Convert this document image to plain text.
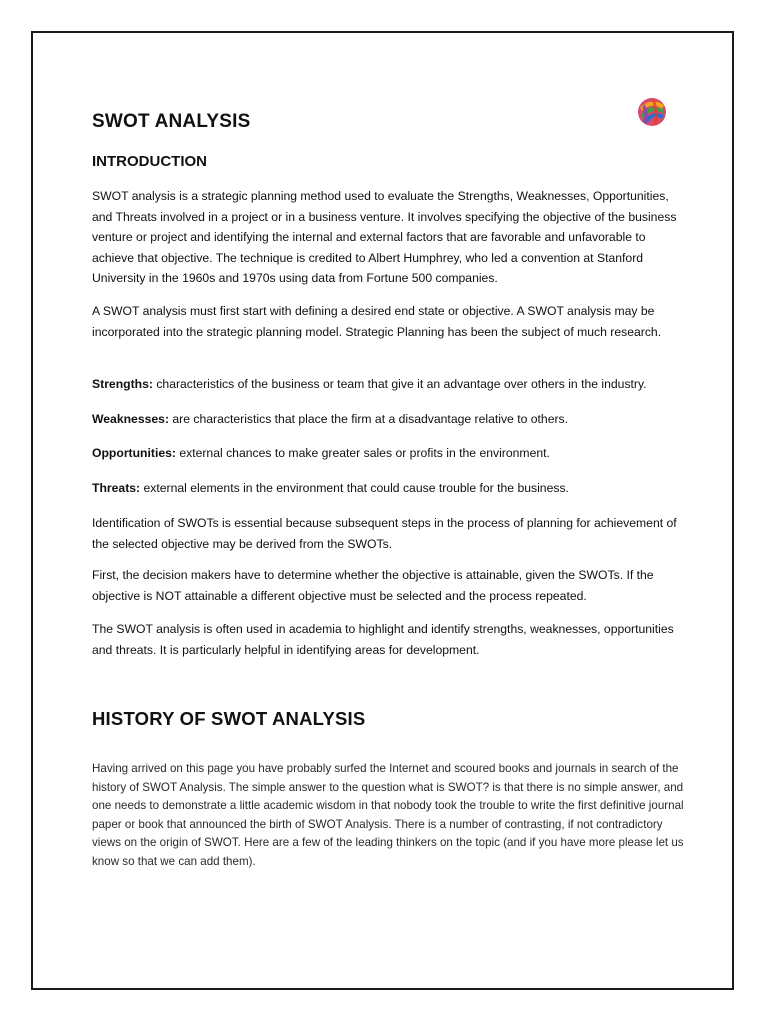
SWOT ANALYSIS
INTRODUCTION

SWOT analysis is a strategic planning method used to evaluate the Strengths, Weaknesses, Opportunities, and Threats involved in a project or in a business venture. It involves specifying the objective of the business venture or project and identifying the internal and external factors that are favorable and unfavorable to achieve that objective. The technique is credited to Albert Humphrey, who led a convention at Stanford University in the 1960s and 1970s using data from Fortune 500 companies.

A SWOT analysis must first start with defining a desired end state or objective. A SWOT analysis may be incorporated into the strategic planning model. Strategic Planning has been the subject of much research.

Strengths: characteristics of the business or team that give it an advantage over others in the industry.

Weaknesses: are characteristics that place the firm at a disadvantage relative to others.

Opportunities: external chances to make greater sales or profits in the environment.

Threats: external elements in the environment that could cause trouble for the business.

Identification of SWOTs is essential because subsequent steps in the process of planning for achievement of the selected objective may be derived from the SWOTs.

First, the decision makers have to determine whether the objective is attainable, given the SWOTs. If the objective is NOT attainable a different objective must be selected and the process repeated.

The SWOT analysis is often used in academia to highlight and identify strengths, weaknesses, opportunities and threats. It is particularly helpful in identifying areas for development.

HISTORY OF SWOT ANALYSIS

Having arrived on this page you have probably surfed the Internet and scoured books and journals in search of the history of SWOT Analysis. The simple answer to the question what is SWOT? is that there is no simple answer, and one needs to demonstrate a little academic wisdom in that nobody took the trouble to write the first definitive journal paper or book that announced the birth of SWOT Analysis. There is a number of contrasting, if not contradictory views on the origin of SWOT. Here are a few of the leading thinkers on the topic (and if you have more please let us know so that we can add them).
